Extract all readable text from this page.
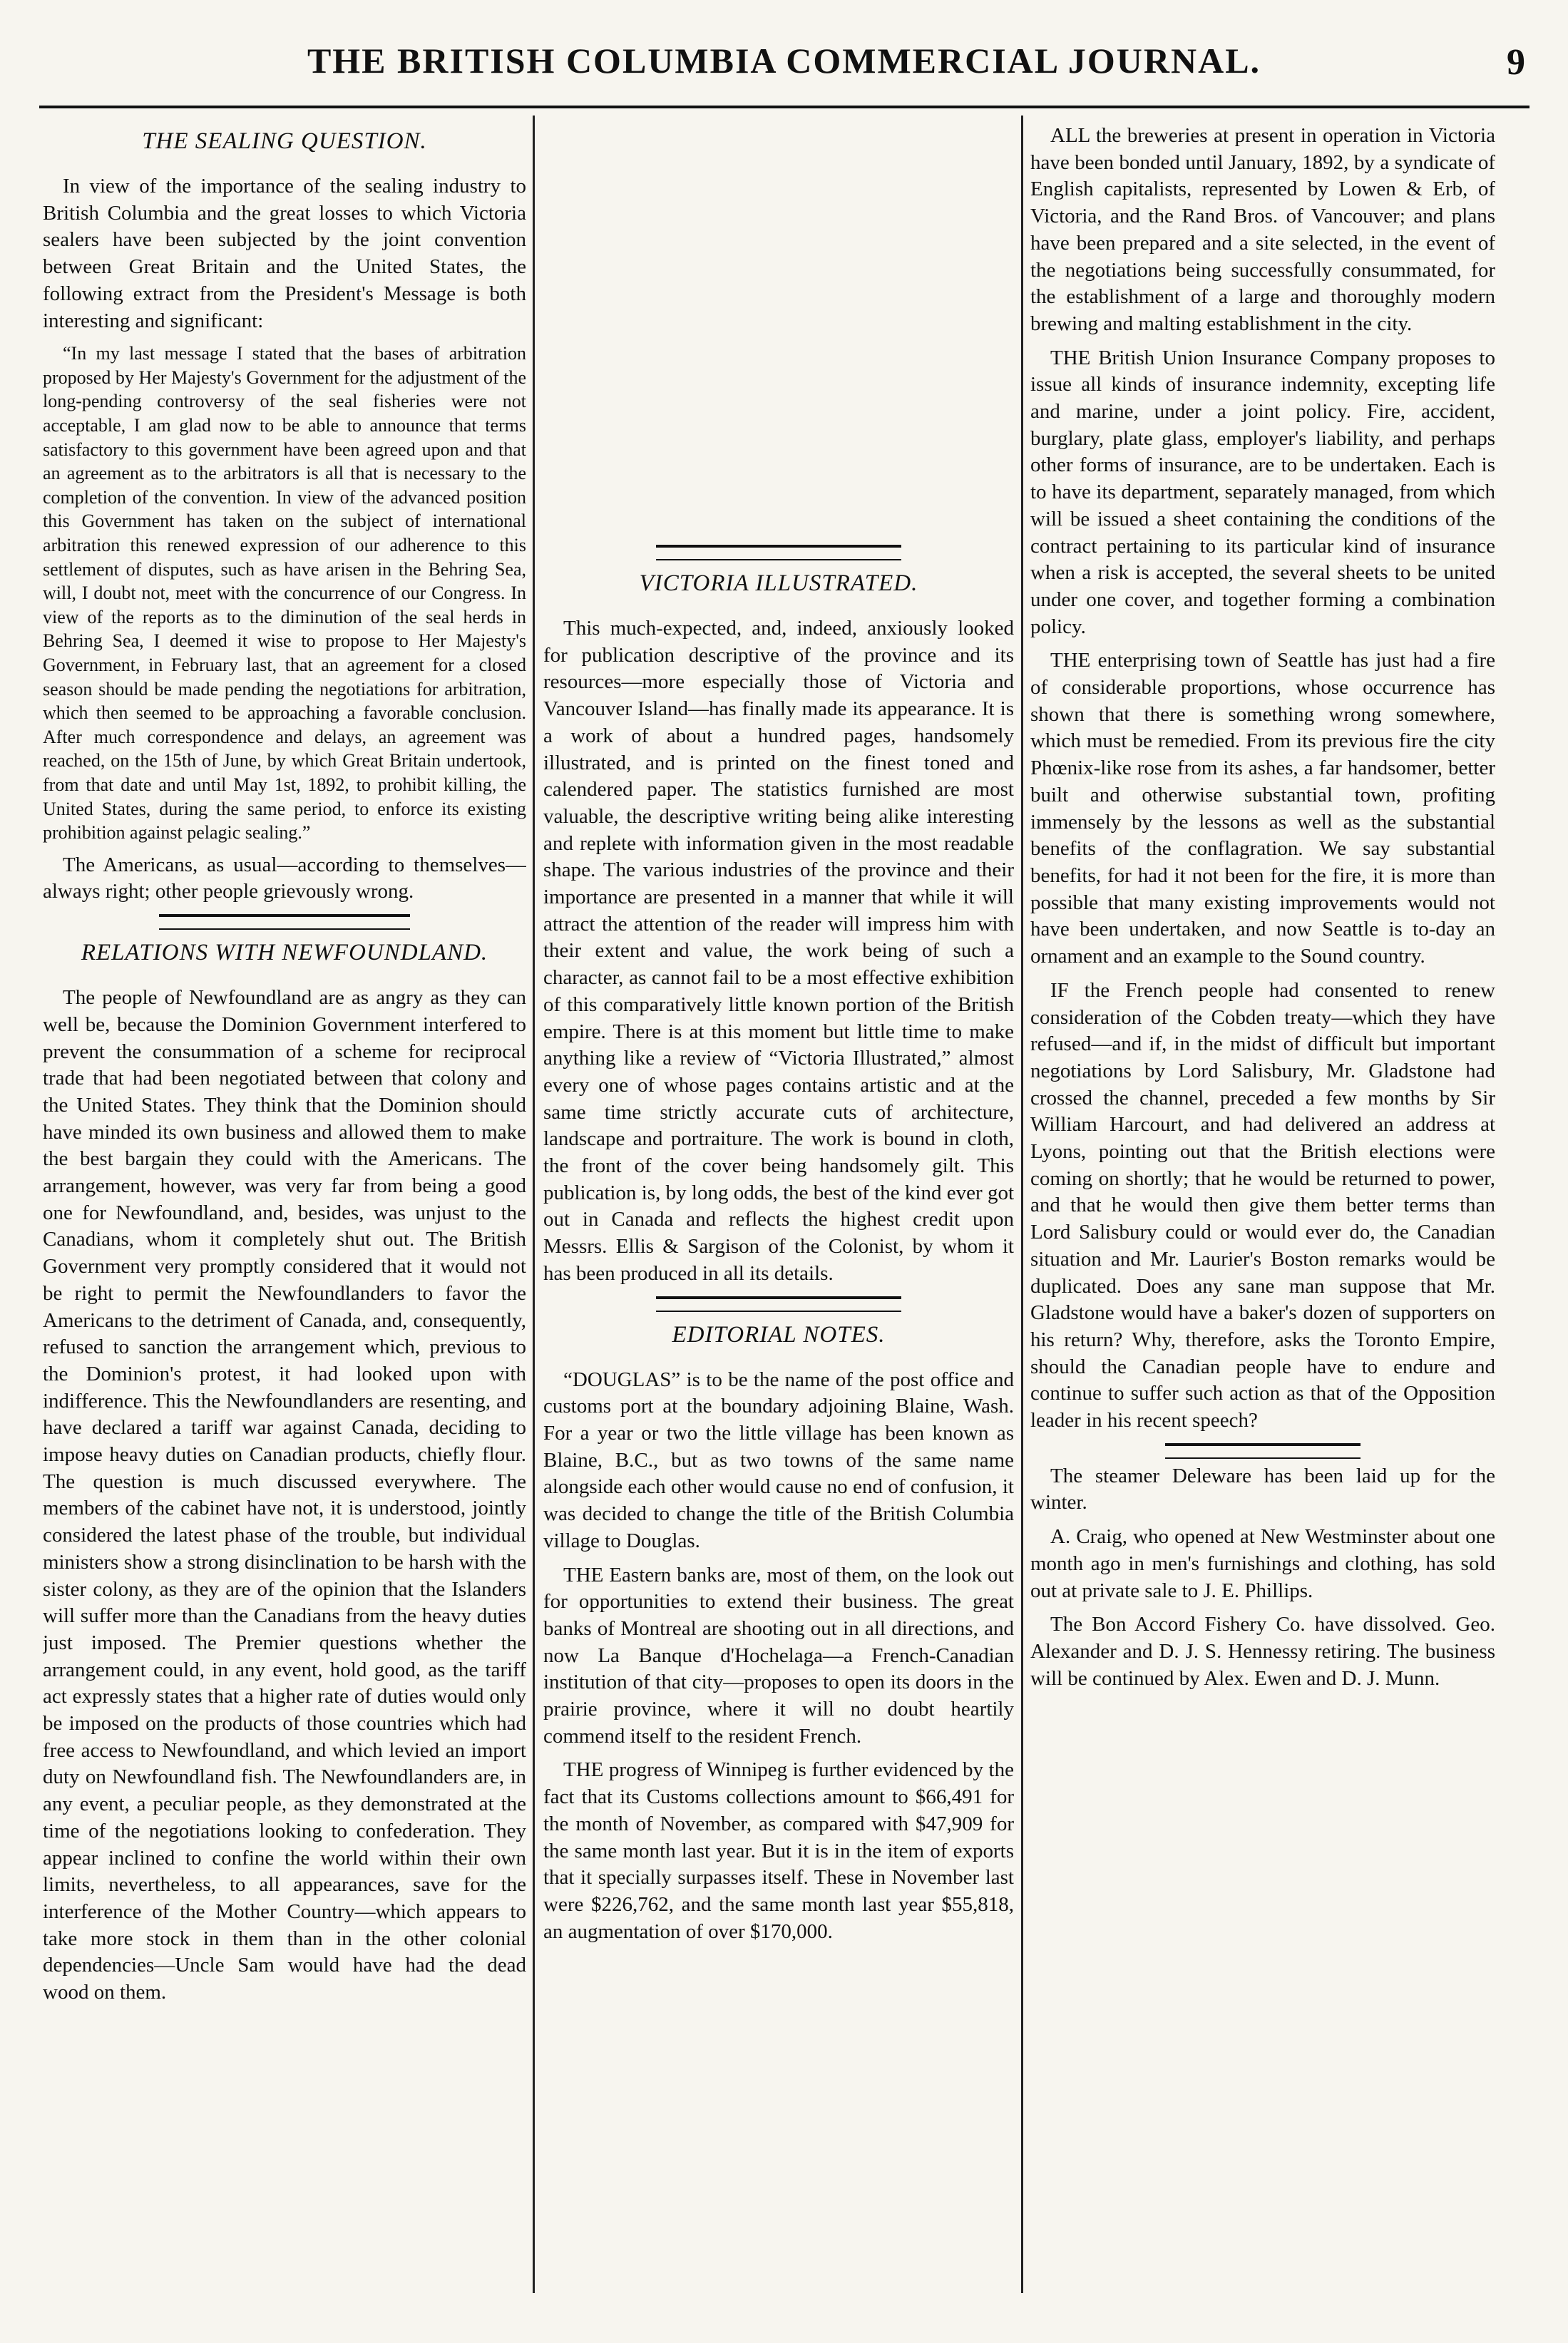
THE BRITISH COLUMBIA COMMERCIAL JOURNAL.	9
THE SEALING QUESTION.

In view of the importance of the sealing industry to British Columbia and the great losses to which Victoria sealers have been subjected by the joint convention between Great Britain and the United States, the following extract from the President's Message is both interesting and significant:

“In my last message I stated that the bases of arbitration proposed by Her Majesty's Government for the adjustment of the long-pending controversy of the seal fisheries were not acceptable, I am glad now to be able to announce that terms satisfactory to this government have been agreed upon and that an agreement as to the arbitrators is all that is necessary to the completion of the convention. In view of the advanced position this Government has taken on the subject of international arbitration this renewed expression of our adherence to this settlement of disputes, such as have arisen in the Behring Sea, will, I doubt not, meet with the concurrence of our Congress. In view of the reports as to the diminution of the seal herds in Behring Sea, I deemed it wise to propose to Her Majesty's Government, in February last, that an agreement for a closed season should be made pending the negotiations for arbitration, which then seemed to be approaching a favorable conclusion. After much correspondence and delays, an agreement was reached, on the 15th of June, by which Great Britain undertook, from that date and until May 1st, 1892, to prohibit killing, the United States, during the same period, to enforce its existing prohibition against pelagic sealing.”

The Americans, as usual—according to themselves—always right; other people grievously wrong.

RELATIONS WITH NEWFOUNDLAND.

The people of Newfoundland are as angry as they can well be, because the Dominion Government interfered to prevent the consummation of a scheme for reciprocal trade that had been negotiated between that colony and the United States. They think that the Dominion should have minded its own business and allowed them to make the best bargain they could with the Americans. The arrangement, however, was very far from being a good one for Newfoundland, and, besides, was unjust to the Canadians, whom it completely shut out. The British Government very promptly considered that it would not be right to permit the Newfoundlanders to favor the Americans to the detriment of Canada, and, consequently, refused to sanction the arrangement which, previous to the Dominion's protest, it had looked upon with indifference. This the Newfoundlanders are resenting, and have declared a tariff war against Canada, deciding to impose heavy duties on Canadian products, chiefly flour. The question is much discussed everywhere. The members of the cabinet have not, it is understood, jointly considered the latest phase of the trouble, but individual ministers show a strong disinclination to be harsh with the sister colony, as they are of the opinion that the Islanders will suffer more than the Canadians from the heavy duties just imposed. The Premier questions whether the arrangement could, in any event, hold good, as the tariff act expressly states that a higher rate of duties would only be imposed on the products of those countries which had free access to Newfoundland, and which levied an import duty on Newfoundland fish. The Newfoundlanders are, in any event, a peculiar people, as they demonstrated at the time of the negotiations looking to confederation. They appear inclined to confine the world within their own limits, nevertheless, to all appearances, save for the interference of the Mother Country—which appears to take more stock in them than in the other colonial dependencies—Uncle Sam would have had the dead wood on them.

VICTORIA ILLUSTRATED.

This much-expected, and, indeed, anxiously looked for publication descriptive of the province and its resources—more especially those of Victoria and Vancouver Island—has finally made its appearance. It is a work of about a hundred pages, handsomely illustrated, and is printed on the finest toned and calendered paper. The statistics furnished are most valuable, the descriptive writing being alike interesting and replete with information given in the most readable shape. The various industries of the province and their importance are presented in a manner that while it will attract the attention of the reader will impress him with their extent and value, the work being of such a character, as cannot fail to be a most effective exhibition of this comparatively little known portion of the British empire. There is at this moment but little time to make anything like a review of “Victoria Illustrated,” almost every one of whose pages contains artistic and at the same time strictly accurate cuts of architecture, landscape and portraiture. The work is bound in cloth, the front of the cover being handsomely gilt. This publication is, by long odds, the best of the kind ever got out in Canada and reflects the highest credit upon Messrs. Ellis & Sargison of the Colonist, by whom it has been produced in all its details.

EDITORIAL NOTES.

“DOUGLAS” is to be the name of the post office and customs port at the boundary adjoining Blaine, Wash. For a year or two the little village has been known as Blaine, B.C., but as two towns of the same name alongside each other would cause no end of confusion, it was decided to change the title of the British Columbia village to Douglas.

THE Eastern banks are, most of them, on the look out for opportunities to extend their business. The great banks of Montreal are shooting out in all directions, and now La Banque d'Hochelaga—a French-Canadian institution of that city—proposes to open its doors in the prairie province, where it will no doubt heartily commend itself to the resident French.

THE progress of Winnipeg is further evidenced by the fact that its Customs collections amount to $66,491 for the month of November, as compared with $47,909 for the same month last year. But it is in the item of exports that it specially surpasses itself. These in November last were $226,762, and the same month last year $55,818, an augmentation of over $170,000.

ALL the breweries at present in operation in Victoria have been bonded until January, 1892, by a syndicate of English capitalists, represented by Lowen & Erb, of Victoria, and the Rand Bros. of Vancouver; and plans have been prepared and a site selected, in the event of the negotiations being successfully consummated, for the establishment of a large and thoroughly modern brewing and malting establishment in the city.

THE British Union Insurance Company proposes to issue all kinds of insurance indemnity, excepting life and marine, under a joint policy. Fire, accident, burglary, plate glass, employer's liability, and perhaps other forms of insurance, are to be undertaken. Each is to have its department, separately managed, from which will be issued a sheet containing the conditions of the contract pertaining to its particular kind of insurance when a risk is accepted, the several sheets to be united under one cover, and together forming a combination policy.

THE enterprising town of Seattle has just had a fire of considerable proportions, whose occurrence has shown that there is something wrong somewhere, which must be remedied. From its previous fire the city Phœnix-like rose from its ashes, a far handsomer, better built and otherwise substantial town, profiting immensely by the lessons as well as the substantial benefits of the conflagration. We say substantial benefits, for had it not been for the fire, it is more than possible that many existing improvements would not have been undertaken, and now Seattle is to-day an ornament and an example to the Sound country.

IF the French people had consented to renew consideration of the Cobden treaty—which they have refused—and if, in the midst of difficult but important negotiations by Lord Salisbury, Mr. Gladstone had crossed the channel, preceded a few months by Sir William Harcourt, and had delivered an address at Lyons, pointing out that the British elections were coming on shortly; that he would be returned to power, and that he would then give them better terms than Lord Salisbury could or would ever do, the Canadian situation and Mr. Laurier's Boston remarks would be duplicated. Does any sane man suppose that Mr. Gladstone would have a baker's dozen of supporters on his return? Why, therefore, asks the Toronto Empire, should the Canadian people have to endure and continue to suffer such action as that of the Opposition leader in his recent speech?

The steamer Deleware has been laid up for the winter.

A. Craig, who opened at New Westminster about one month ago in men's furnishings and clothing, has sold out at private sale to J. E. Phillips.

The Bon Accord Fishery Co. have dissolved. Geo. Alexander and D. J. S. Hennessy retiring. The business will be continued by Alex. Ewen and D. J. Munn.
